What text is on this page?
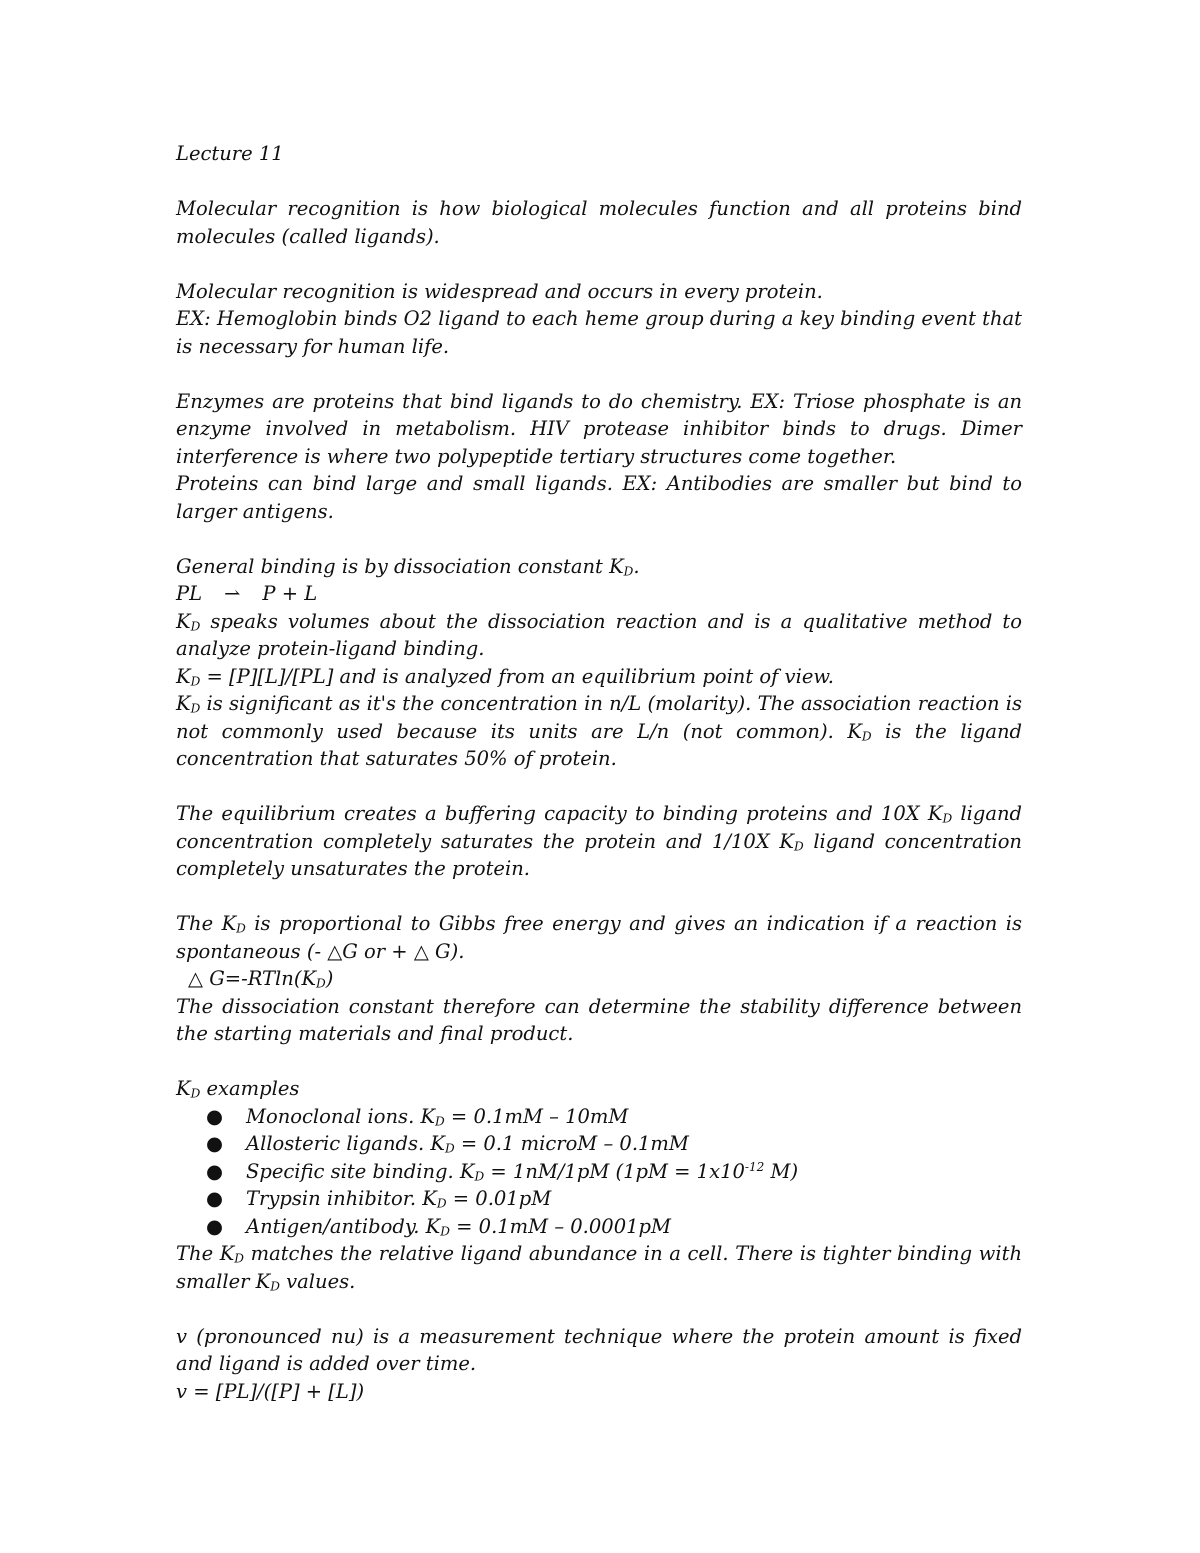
Lecture 11

Molecular recognition is how biological molecules function and all proteins bind molecules (called ligands).

Molecular recognition is widespread and occurs in every protein.

EX: Hemoglobin binds O2 ligand to each heme group during a key binding event that is necessary for human life.

Enzymes are proteins that bind ligands to do chemistry. EX: Triose phosphate is an enzyme involved in metabolism. HIV protease inhibitor binds to drugs. Dimer interference is where two polypeptide tertiary structures come together.

Proteins can bind large and small ligands. EX: Antibodies are smaller but bind to larger antigens.

General binding is by dissociation constant $K_D$.

PL ⇀ P + L

$K_D$ speaks volumes about the dissociation reaction and is a qualitative method to analyze protein-ligand binding.

$K_D = [P][L]/[PL]$ and is analyzed from an equilibrium point of view.

$K_D$ is significant as it's the concentration in n/L (molarity). The association reaction is not commonly used because its units are L/n (not common). $K_D$ is the ligand concentration that saturates 50% of protein.

The equilibrium creates a buffering capacity to binding proteins and 10X $K_D$ ligand concentration completely saturates the protein and 1/10X $K_D$ ligand concentration completely unsaturates the protein.

The $K_D$ is proportional to Gibbs free energy and gives an indication if a reaction is spontaneous (- △G or + △ G).

△ $G=-RTln(K_D)$

The dissociation constant therefore can determine the stability difference between the starting materials and final product.

$K_D$ examples

● Monoclonal ions. $K_D = 0.1mM - 10mM$
● Allosteric ligands. $K_D = 0.1$ microM – 0.1mM
● Specific site binding. $K_D = 1nM/1pM$ ($1pM = 1x10^{-12}$ M)
● Trypsin inhibitor. $K_D = 0.01pM$
● Antigen/antibody. $K_D = 0.1mM - 0.0001pM$

The $K_D$ matches the relative ligand abundance in a cell. There is tighter binding with smaller $K_D$ values.

v (pronounced nu) is a measurement technique where the protein amount is fixed and ligand is added over time.

v = [PL]/([P] + [L])
